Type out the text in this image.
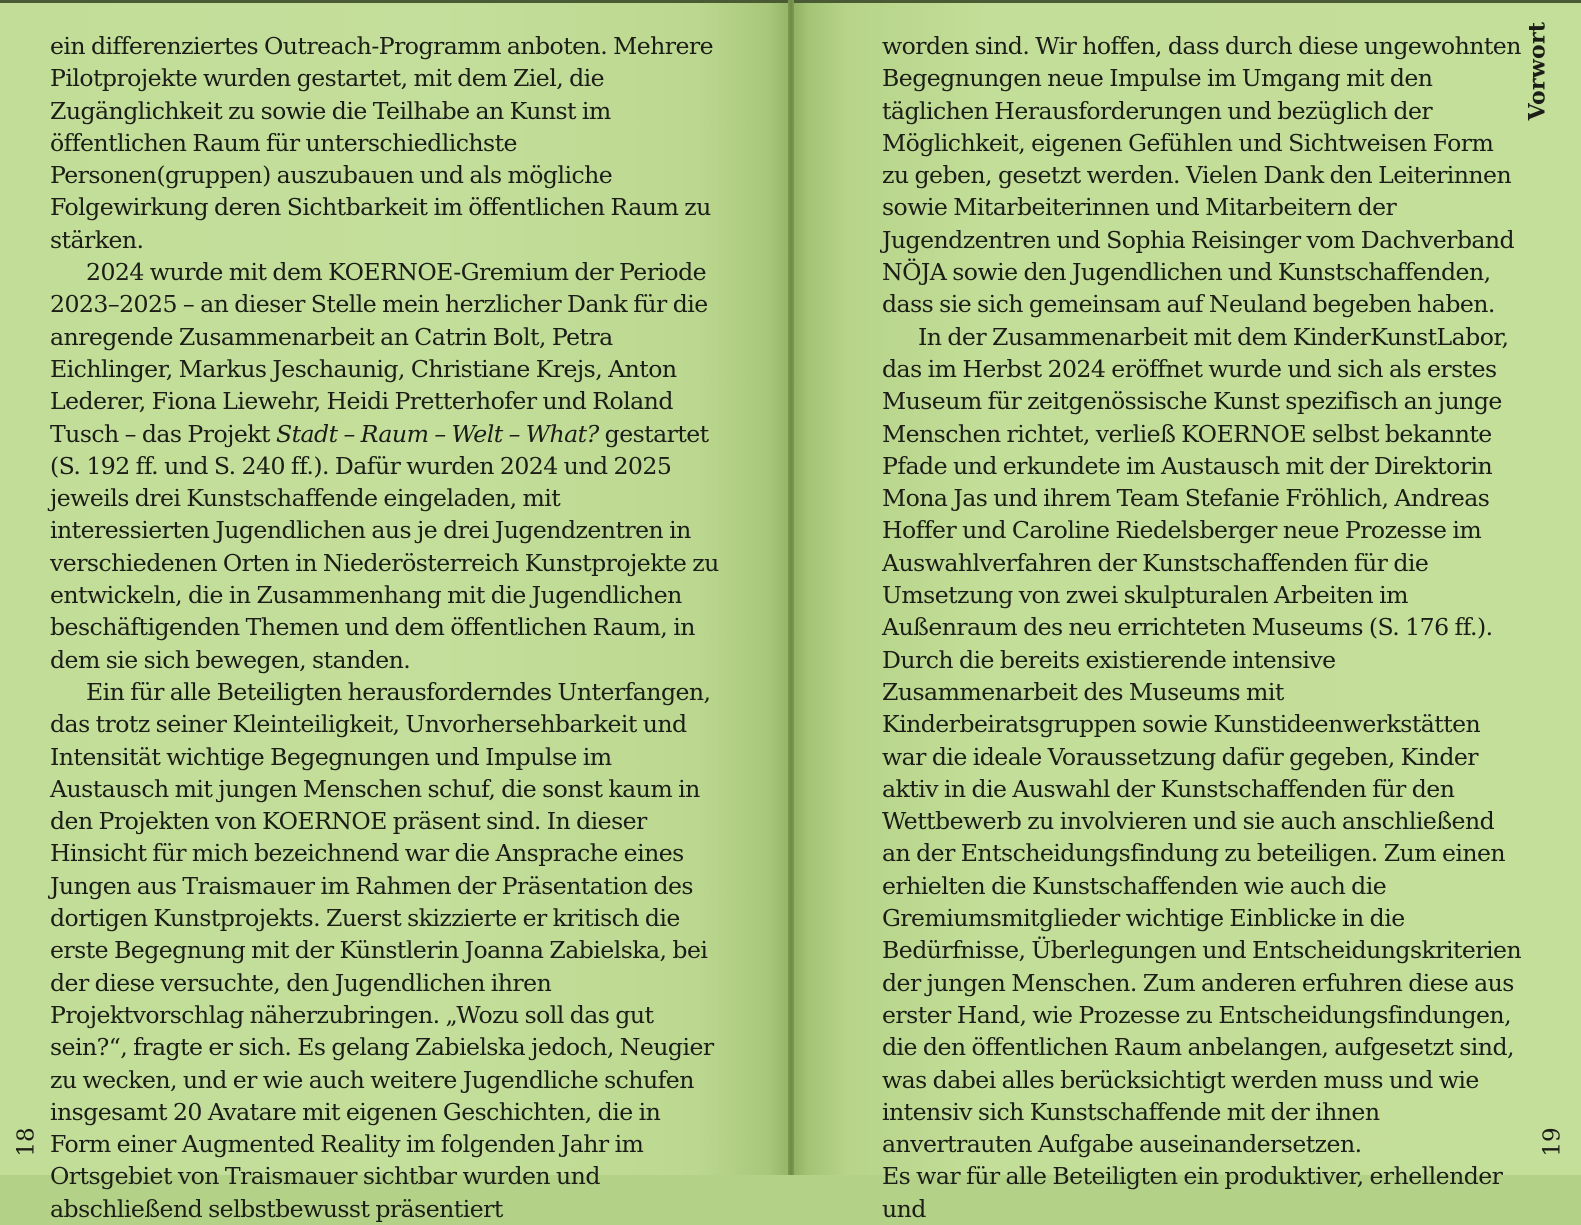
ein differenziertes Outreach-Programm anboten. Mehrere Pilotprojekte wurden gestartet, mit dem Ziel, die Zugänglichkeit zu sowie die Teilhabe an Kunst im öffentlichen Raum für unterschiedlichste Personen(gruppen) auszubauen und als mögliche Folgewirkung deren Sichtbarkeit im öffentlichen Raum zu stärken.

2024 wurde mit dem KOERNOE-Gremium der Periode 2023–2025 – an dieser Stelle mein herzlicher Dank für die anregende Zusammenarbeit an Catrin Bolt, Petra Eichlinger, Markus Jeschaunig, Christiane Krejs, Anton Lederer, Fiona Liewehr, Heidi Pretterhofer und Roland Tusch – das Projekt Stadt – Raum – Welt – What? gestartet (S. 192 ff. und S. 240 ff.). Dafür wurden 2024 und 2025 jeweils drei Kunstschaffende eingeladen, mit interessierten Jugendlichen aus je drei Jugendzentren in verschiedenen Orten in Niederösterreich Kunstprojekte zu entwickeln, die in Zusammenhang mit die Jugendlichen beschäftigenden Themen und dem öffentlichen Raum, in dem sie sich bewegen, standen.

Ein für alle Beteiligten herausforderndes Unterfangen, das trotz seiner Kleinteiligkeit, Unvorhersehbarkeit und Intensität wichtige Begegnungen und Impulse im Austausch mit jungen Menschen schuf, die sonst kaum in den Projekten von KOERNOE präsent sind. In dieser Hinsicht für mich bezeichnend war die Ansprache eines Jungen aus Traismauer im Rahmen der Präsentation des dortigen Kunstprojekts. Zuerst skizzierte er kritisch die erste Begegnung mit der Künstlerin Joanna Zabielska, bei der diese versuchte, den Jugendlichen ihren Projektvorschlag näherzubringen. „Wozu soll das gut sein?“, fragte er sich. Es gelang Zabielska jedoch, Neugier zu wecken, und er wie auch weitere Jugendliche schufen insgesamt 20 Avatare mit eigenen Geschichten, die in Form einer Augmented Reality im folgenden Jahr im Ortsgebiet von Traismauer sichtbar wurden und abschließend selbstbewusst präsentiert

18

worden sind. Wir hoffen, dass durch diese ungewohnten Begegnungen neue Impulse im Umgang mit den täglichen Herausforderungen und bezüglich der Möglichkeit, eigenen Gefühlen und Sichtweisen Form zu geben, gesetzt werden. Vielen Dank den Leiterinnen sowie Mitarbeiterinnen und Mitarbeitern der Jugendzentren und Sophia Reisinger vom Dachverband NÖJA sowie den Jugendlichen und Kunstschaffenden, dass sie sich gemeinsam auf Neuland begeben haben.

In der Zusammenarbeit mit dem KinderKunstLabor, das im Herbst 2024 eröffnet wurde und sich als erstes Museum für zeitgenössische Kunst spezifisch an junge Menschen richtet, verließ KOERNOE selbst bekannte Pfade und erkundete im Austausch mit der Direktorin Mona Jas und ihrem Team Stefanie Fröhlich, Andreas Hoffer und Caroline Riedelsberger neue Prozesse im Auswahlverfahren der Kunstschaffenden für die Umsetzung von zwei skulpturalen Arbeiten im Außenraum des neu errichteten Museums (S. 176 ff.). Durch die bereits existierende intensive Zusammenarbeit des Museums mit Kinderbeiratsgruppen sowie Kunstideenwerkstätten war die ideale Voraussetzung dafür gegeben, Kinder aktiv in die Auswahl der Kunstschaffenden für den Wettbewerb zu involvieren und sie auch anschließend an der Entscheidungsfindung zu beteiligen. Zum einen erhielten die Kunstschaffenden wie auch die Gremiumsmitglieder wichtige Einblicke in die Bedürfnisse, Überlegungen und Entscheidungskriterien der jungen Menschen. Zum anderen erfuhren diese aus erster Hand, wie Prozesse zu Entscheidungsfindungen, die den öffentlichen Raum anbelangen, aufgesetzt sind, was dabei alles berücksichtigt werden muss und wie intensiv sich Kunstschaffende mit der ihnen anvertrauten Aufgabe auseinandersetzen.

Es war für alle Beteiligten ein produktiver, erhellender und

Vorwort
19
